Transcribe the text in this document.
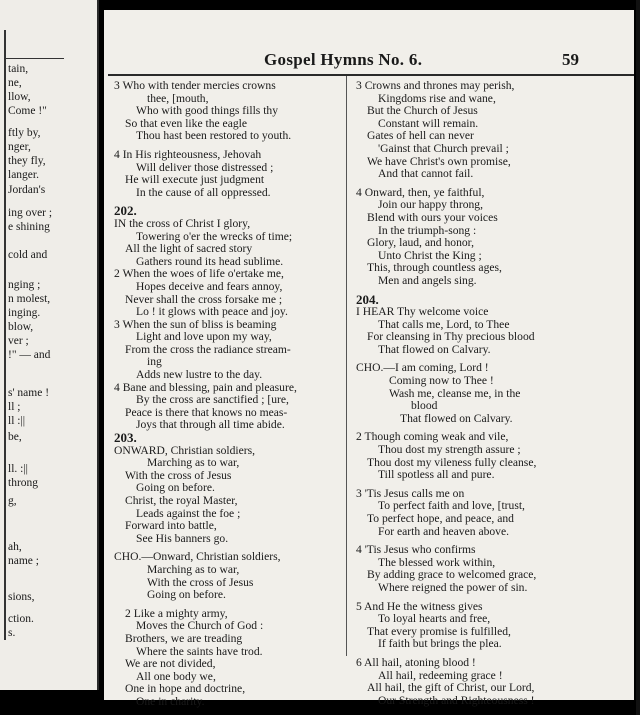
tain,
ne,
llow,
Come !"
ftly by,
nger,
they fly,
langer.
Jordan's
ing over ;
e shining
cold and
nging ;
n molest,
inging.
blow,
ver ;
!" — and
s' name !
ll ;
ll :||
be,
ll. :||
throng
g,
ah,
name ;
sions,
ction.
s.
Gospel Hymns No. 6.	59
3 Who with tender mercies crowns
thee, [mouth,
Who with good things fills thy
So that even like the eagle
Thou hast been restored to youth.
4 In His righteousness, Jehovah
Will deliver those distressed ;
He will execute just judgment
In the cause of all oppressed.
202.
IN the cross of Christ I glory,
Towering o'er the wrecks of time;
All the light of sacred story
Gathers round its head sublime.
2 When the woes of life o'ertake me,
Hopes deceive and fears annoy,
Never shall the cross forsake me ;
Lo ! it glows with peace and joy.
3 When the sun of bliss is beaming
Light and love upon my way,
From the cross the radiance stream-
ing
Adds new lustre to the day.
4 Bane and blessing, pain and pleasure,
By the cross are sanctified ; [ure,
Peace is there that knows no meas-
Joys that through all time abide.
203.
ONWARD, Christian soldiers,
Marching as to war,
With the cross of Jesus
Going on before.
Christ, the royal Master,
Leads against the foe ;
Forward into battle,
See His banners go.
CHO.—Onward, Christian soldiers,
Marching as to war,
With the cross of Jesus
Going on before.
2 Like a mighty army,
Moves the Church of God :
Brothers, we are treading
Where the saints have trod.
We are not divided,
All one body we,
One in hope and doctrine,
One in charity.
3 Crowns and thrones may perish,
Kingdoms rise and wane,
But the Church of Jesus
Constant will remain.
Gates of hell can never
'Gainst that Church prevail ;
We have Christ's own promise,
And that cannot fail.
4 Onward, then, ye faithful,
Join our happy throng,
Blend with ours your voices
In the triumph-song :
Glory, laud, and honor,
Unto Christ the King ;
This, through countless ages,
Men and angels sing.
204.
I HEAR Thy welcome voice
That calls me, Lord, to Thee
For cleansing in Thy precious blood
That flowed on Calvary.
CHO.—I am coming, Lord !
Coming now to Thee !
Wash me, cleanse me, in the
blood
That flowed on Calvary.
2 Though coming weak and vile,
Thou dost my strength assure ;
Thou dost my vileness fully cleanse,
Till spotless all and pure.
3 'Tis Jesus calls me on
To perfect faith and love, [trust,
To perfect hope, and peace, and
For earth and heaven above.
4 'Tis Jesus who confirms
The blessed work within,
By adding grace to welcomed grace,
Where reigned the power of sin.
5 And He the witness gives
To loyal hearts and free,
That every promise is fulfilled,
If faith but brings the plea.
6 All hail, atoning blood !
All hail, redeeming grace !
All hail, the gift of Christ, our Lord,
Our Strength and Righteousness !
